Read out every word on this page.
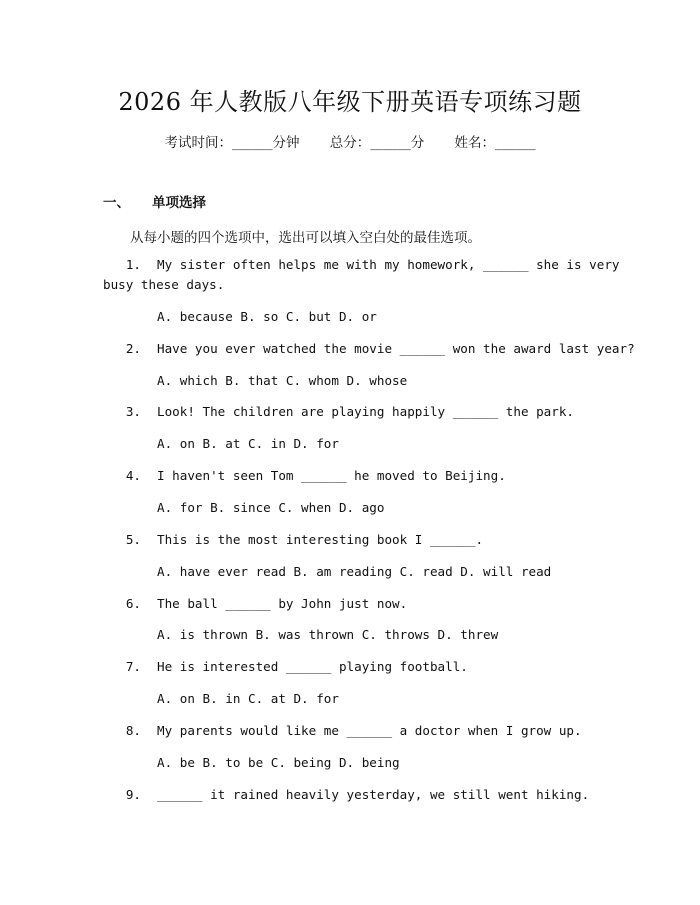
2026 年人教版八年级下册英语专项练习题
考试时间：______分钟 总分：______分 姓名：______
一、 单项选择
从每小题的四个选项中，选出可以填入空白处的最佳选项。
1. My sister often helps me with my homework, ______ she is very
busy these days.
A. because B. so C. but D. or
2. Have you ever watched the movie ______ won the award last year?
A. which B. that C. whom D. whose
3. Look! The children are playing happily ______ the park.
A. on B. at C. in D. for
4. I haven't seen Tom ______ he moved to Beijing.
A. for B. since C. when D. ago
5. This is the most interesting book I ______.
A. have ever read B. am reading C. read D. will read
6. The ball ______ by John just now.
A. is thrown B. was thrown C. throws D. threw
7. He is interested ______ playing football.
A. on B. in C. at D. for
8. My parents would like me ______ a doctor when I grow up.
A. be B. to be C. being D. being
9. ______ it rained heavily yesterday, we still went hiking.
